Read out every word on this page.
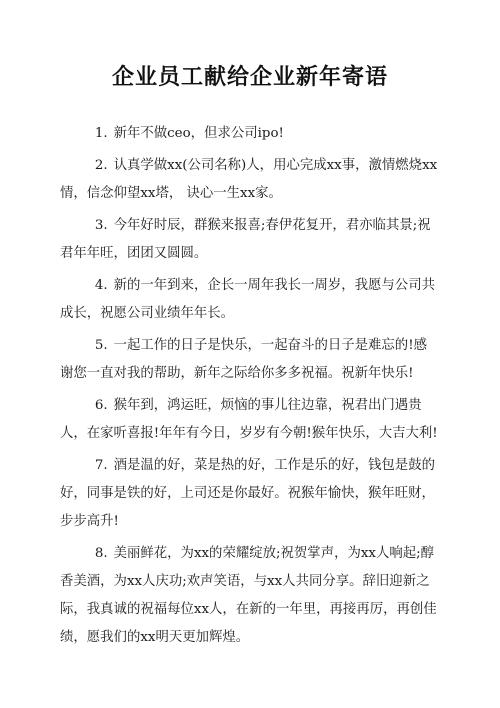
企业员工献给企业新年寄语

1. 新年不做ceo，但求公司ipo!

2. 认真学做xx(公司名称)人，用心完成xx事，激情燃烧xx情，信念仰望xx塔， 诀心一生xx家。

3. 今年好时辰，群猴来报喜;春伊花复开，君亦临其景;祝君年年旺，团团又圆圆。

4. 新的一年到来，企长一周年我长一周岁，我愿与公司共成长，祝愿公司业绩年年长。

5. 一起工作的日子是快乐，一起奋斗的日子是难忘的!感谢您一直对我的帮助，新年之际给你多多祝福。祝新年快乐!

6. 猴年到，鸿运旺，烦恼的事儿往边靠，祝君出门遇贵人，在家听喜报!年年有今日，岁岁有今朝!猴年快乐，大吉大利!

7. 酒是温的好，菜是热的好，工作是乐的好，钱包是鼓的好，同事是铁的好，上司还是你最好。祝猴年愉快，猴年旺财，步步高升!

8. 美丽鲜花，为xx的荣耀绽放;祝贺掌声，为xx人响起;醇香美酒，为xx人庆功;欢声笑语，与xx人共同分享。辞旧迎新之际，我真诚的祝福每位xx人，在新的一年里，再接再厉，再创佳绩，愿我们的xx明天更加辉煌。
